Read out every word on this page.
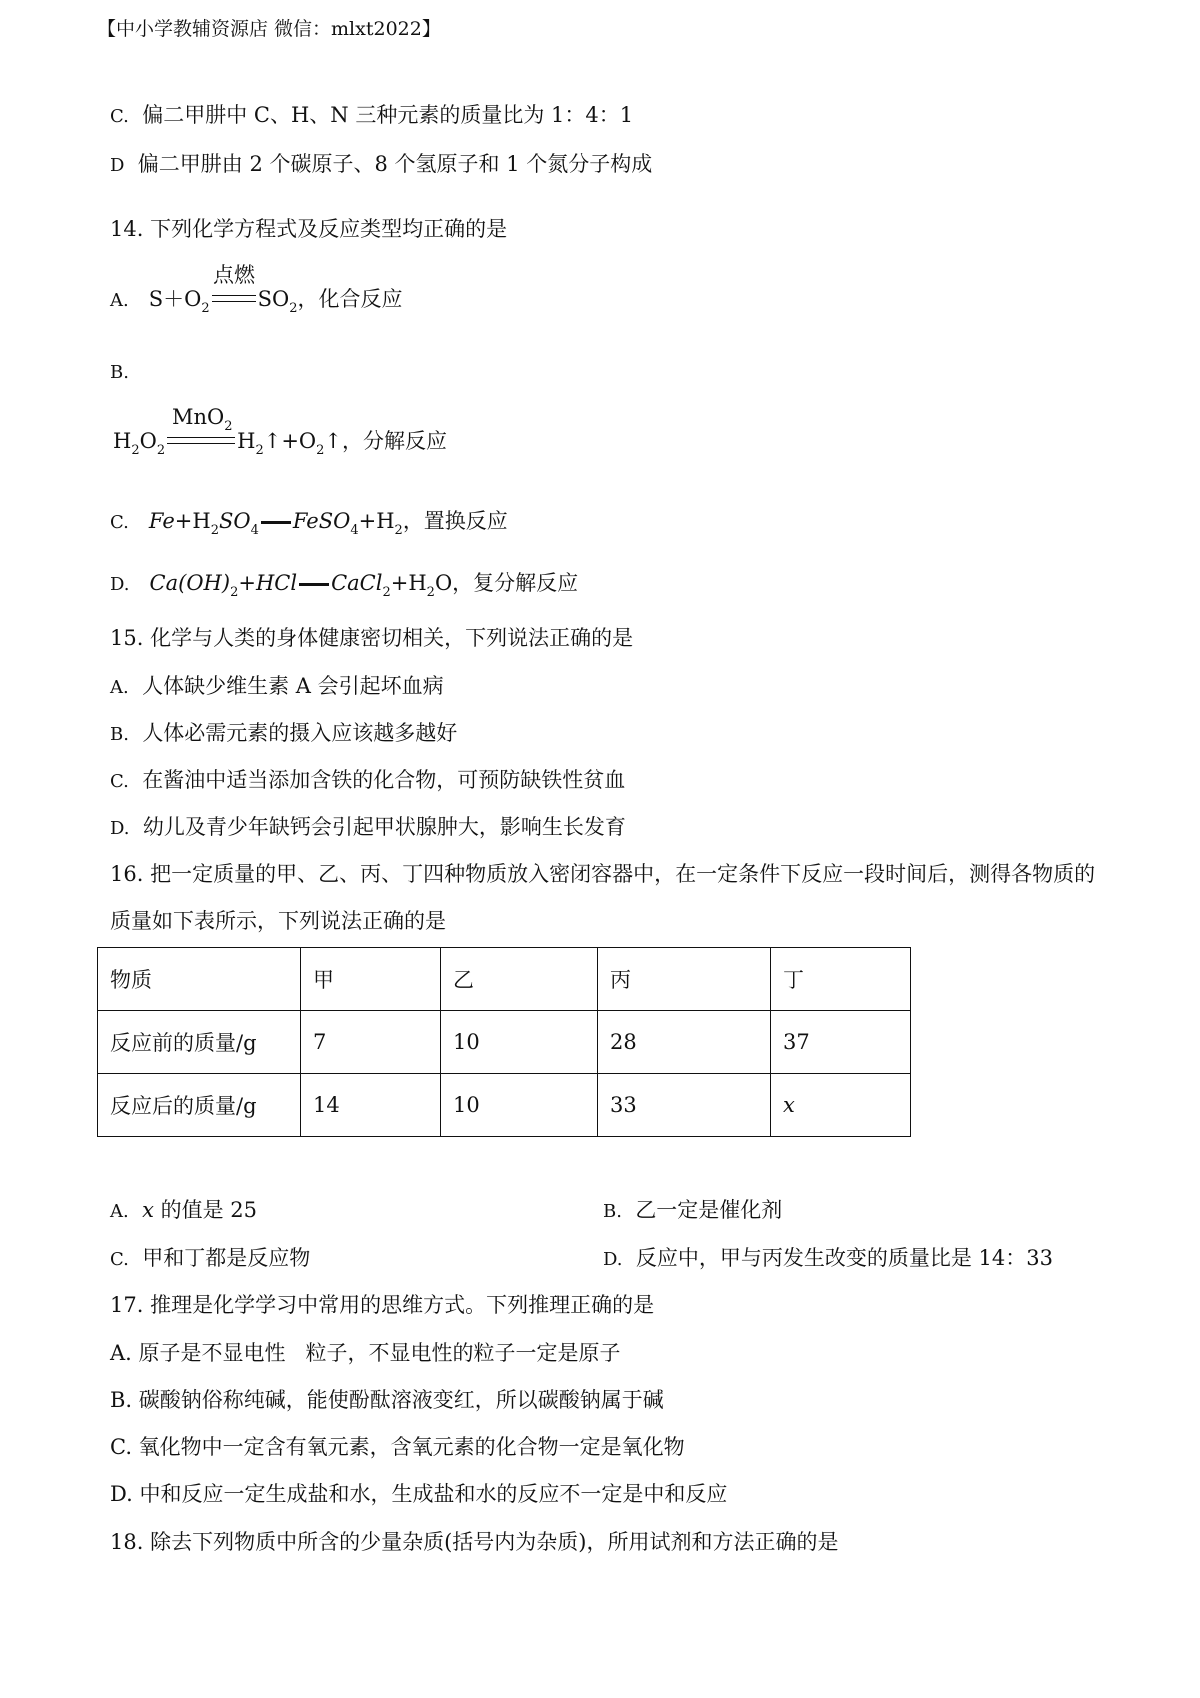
【中小学教辅资源店 微信：mlxt2022】
C. 偏二甲肼中 C、H、N 三种元素的质量比为 1：4：1
D 偏二甲肼由 2 个碳原子、8 个氢原子和 1 个氮分子构成
14. 下列化学方程式及反应类型均正确的是
点燃
A. $S+O_2$ $SO_2$，化合反应
B.
MnO$_2$
$H_2O_2$	$H_2↑+O_2↑$，分解反应
C. $Fe+H_2SO_4$ $FeSO_4+H_2$，置换反应
D. $Ca(OH)_2+HCl$ $CaCl_2+H_2O$，复分解反应
15. 化学与人类的身体健康密切相关，下列说法正确的是
A. 人体缺少维生素 A 会引起坏血病
B. 人体必需元素的摄入应该越多越好
C. 在酱油中适当添加含铁的化合物，可预防缺铁性贫血
D. 幼儿及青少年缺钙会引起甲状腺肿大，影响生长发育
16. 把一定质量的甲、乙、丙、丁四种物质放入密闭容器中，在一定条件下反应一段时间后，测得各物质的
质量如下表所示，下列说法正确的是
物质	甲	乙	丙	丁
反应前的质量/g	7	10	28	37
反应后的质量/g	14	10	33	x
A. x 的值是 25	B. 乙一定是催化剂
C. 甲和丁都是反应物	D. 反应中，甲与丙发生改变的质量比是 14：33
17. 推理是化学学习中常用的思维方式。下列推理正确的是
A. 原子是不显电性   粒子，不显电性的粒子一定是原子
B. 碳酸钠俗称纯碱，能使酚酞溶液变红，所以碳酸钠属于碱
C. 氧化物中一定含有氧元素，含氧元素的化合物一定是氧化物
D. 中和反应一定生成盐和水，生成盐和水的反应不一定是中和反应
18. 除去下列物质中所含的少量杂质(括号内为杂质)，所用试剂和方法正确的是
